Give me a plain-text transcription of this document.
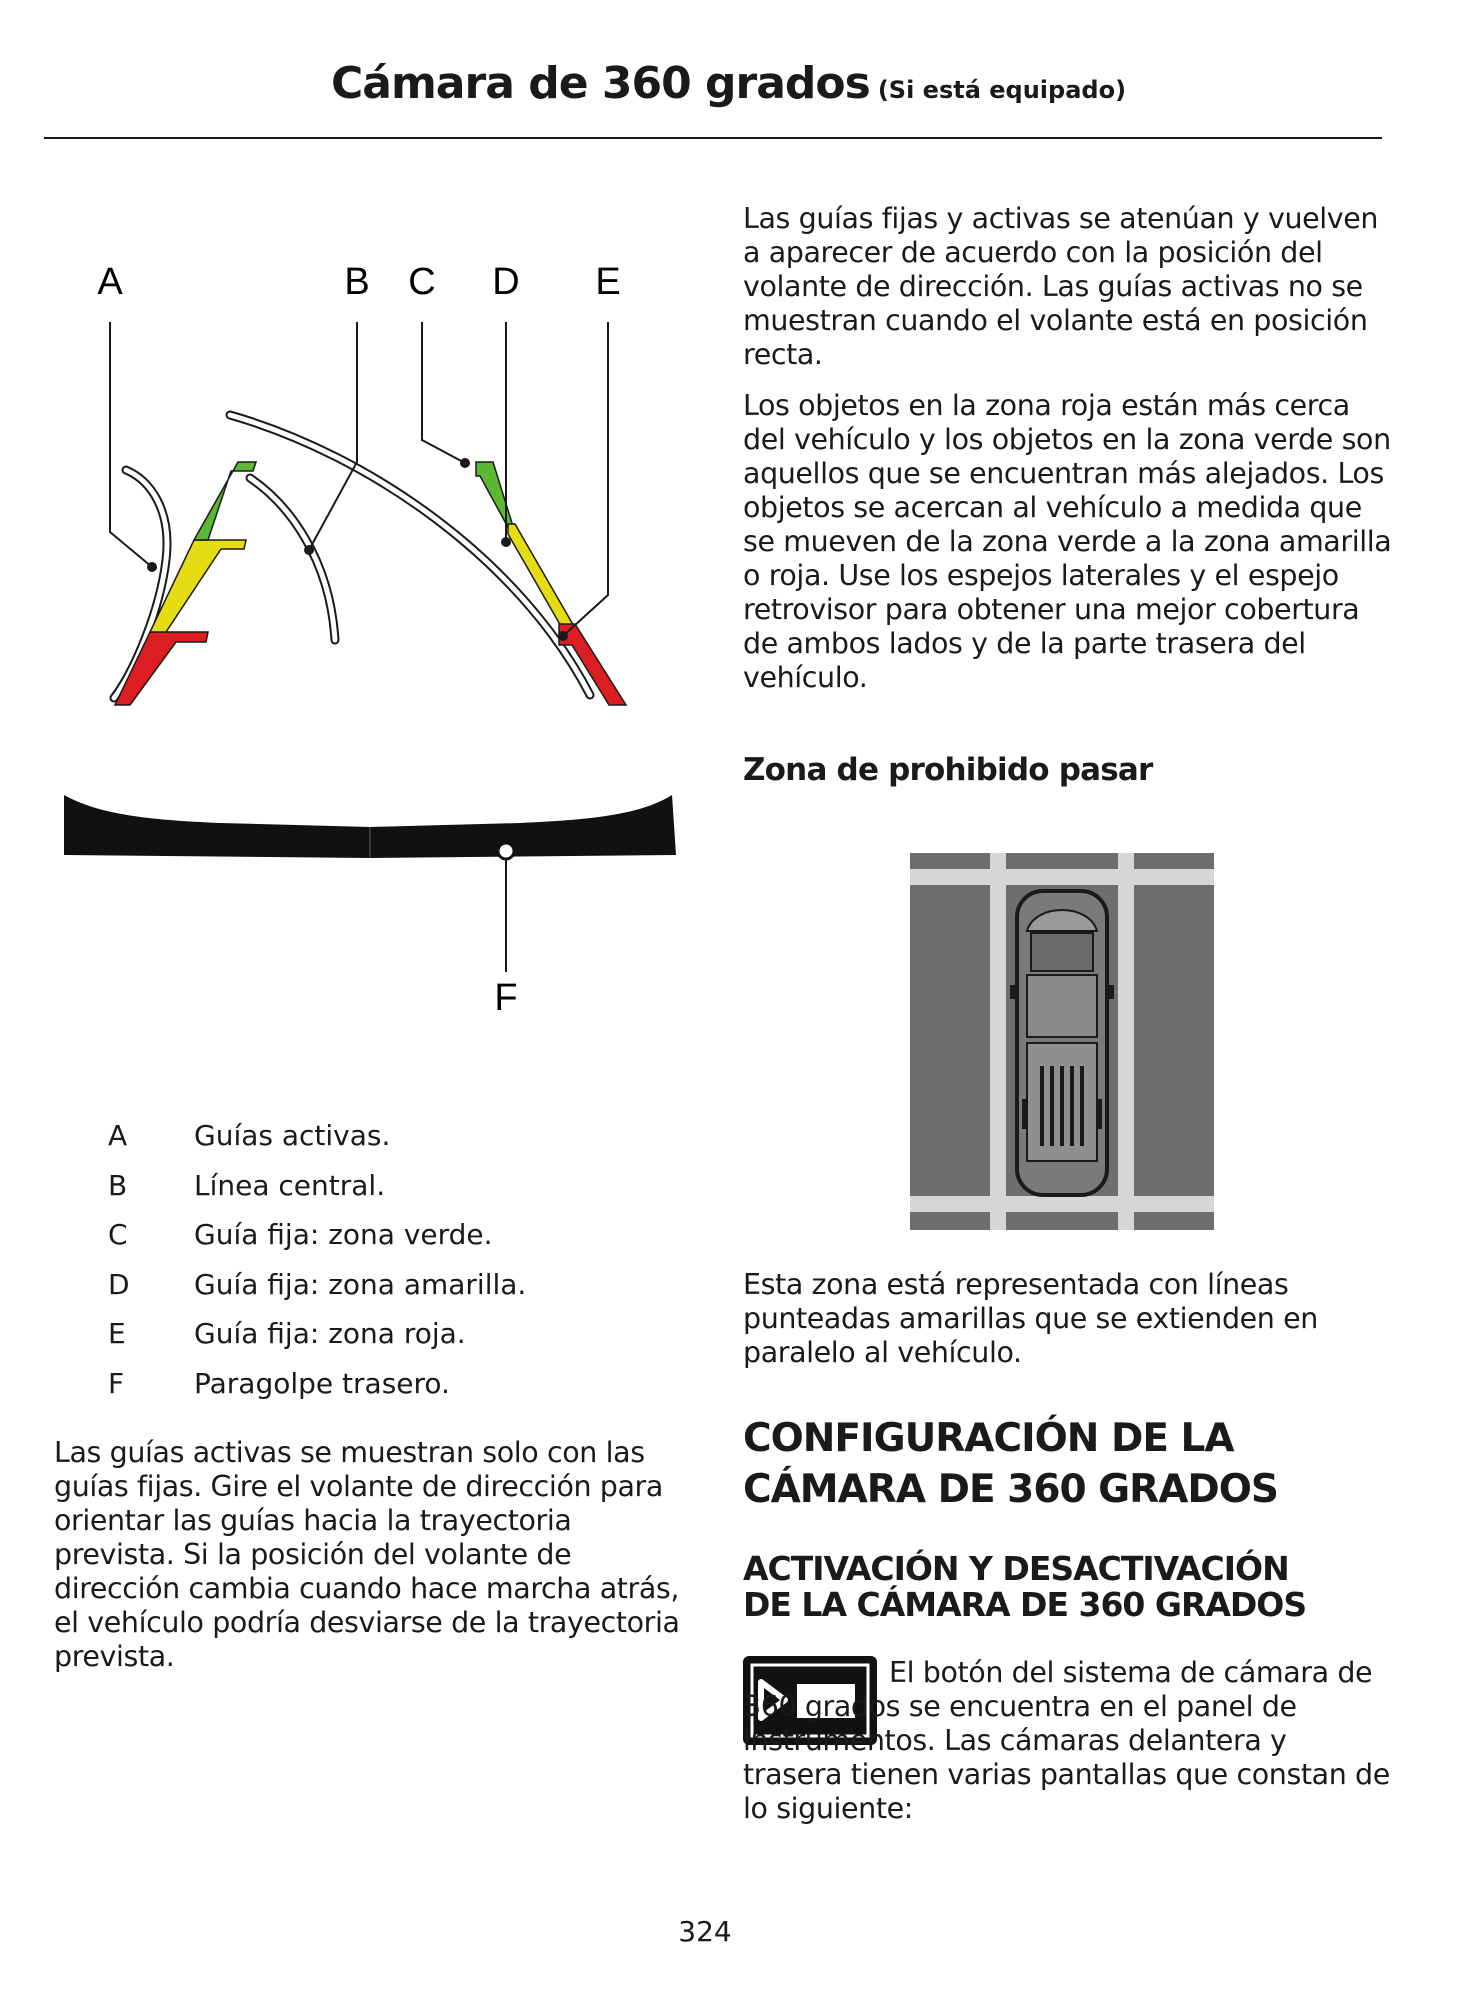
Cámara de 360 grados (Si está equipado)
A	B C D E
F
A	Guías activas.
B	Línea central.
C	Guía fija: zona verde.
D	Guía fija: zona amarilla.
E	Guía fija: zona roja.
F	Paragolpe trasero.

Las guías activas se muestran solo con las guías fijas. Gire el volante de dirección para orientar las guías hacia la trayectoria prevista. Si la posición del volante de dirección cambia cuando hace marcha atrás, el vehículo podría desviarse de la trayectoria prevista.

Las guías fijas y activas se atenúan y vuelven a aparecer de acuerdo con la posición del volante de dirección. Las guías activas no se muestran cuando el volante está en posición recta.

Los objetos en la zona roja están más cerca del vehículo y los objetos en la zona verde son aquellos que se encuentran más alejados. Los objetos se acercan al vehículo a medida que se mueven de la zona verde a la zona amarilla o roja. Use los espejos laterales y el espejo retrovisor para obtener una mejor cobertura de ambos lados y de la parte trasera del vehículo.

Zona de prohibido pasar

Esta zona está representada con líneas punteadas amarillas que se extienden en paralelo al vehículo.

CONFIGURACIÓN DE LA
CÁMARA DE 360 GRADOS
ACTIVACIÓN Y DESACTIVACIÓN
DE LA CÁMARA DE 360 GRADOS

El botón del sistema de cámara de 360 grados se encuentra en el panel de instrumentos. Las cámaras delantera y trasera tienen varias pantallas que constan de lo siguiente:

324
